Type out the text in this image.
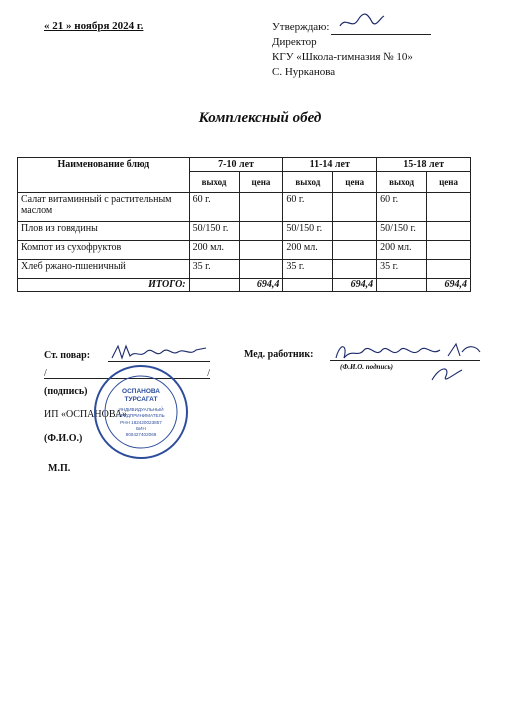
« 21 » ноября 2024 г.	Утверждаю:
Директор
КГУ «Школа-гимназия № 10»
С. Нурканова
Комплексный обед
Наименование блюд	7-10 лет		11-14 лет		15-18 лет	
	выход	цена	выход	цена	выход	цена
Салат витаминный с растительным маслом	60 г.		60 г.		60 г.	
Плов из говядины	50/150 г.		50/150 г.		50/150 г.	
Компот из сухофруктов	200 мл.		200 мл.		200 мл.	
Хлеб ржано-пшеничный	35 г.		35 г.		35 г.	
ИТОГО:		694,4		694,4		694,4
Ст. повар:
/	/
(подпись)
ИП «ОСПАНОВА»
(Ф.И.О.)
М.П.
Мед. работник:
(Ф.И.О. подпись)
ОСПАНОВА
ТУРСАГАТ
ИНДИВИДУАЛЬНЫЙ
ПРЕДПРИНИМАТЕЛЬ
РНН 182420023857
БИН
800427402069
